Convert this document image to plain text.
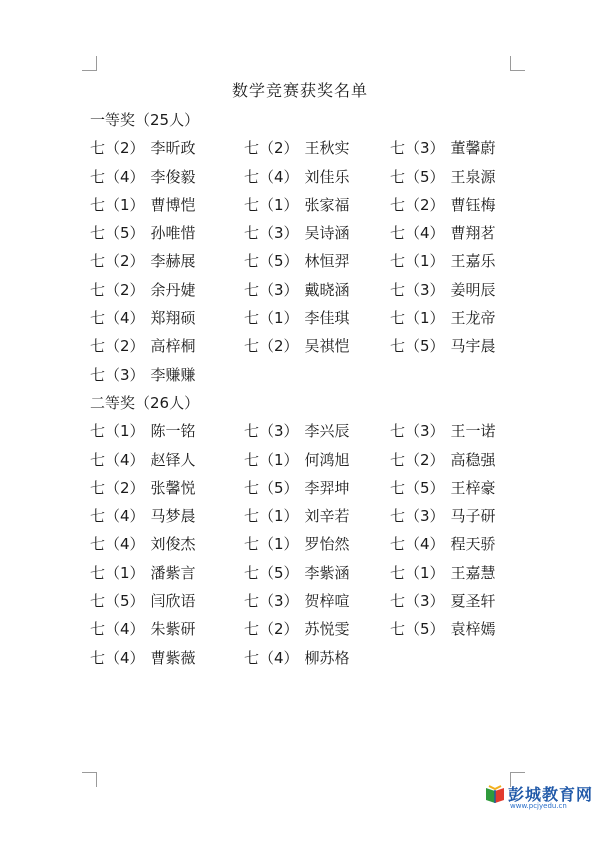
数学竞赛获奖名单
一等奖（25人）
七（2） 李昕政	七（2） 王秋实	七（3） 董馨蔚
七（4） 李俊毅	七（4） 刘佳乐	七（5） 王泉源
七（1） 曹博恺	七（1） 张家福	七（2） 曹钰梅
七（5） 孙唯惜	七（3） 吴诗涵	七（4） 曹翔茗
七（2） 李赫展	七（5） 林恒羿	七（1） 王嘉乐
七（2） 余丹婕	七（3） 戴晓涵	七（3） 姜明辰
七（4） 郑翔硕	七（1） 李佳琪	七（1） 王龙帝
七（2） 高梓桐	七（2） 吴祺恺	七（5） 马宇晨
七（3） 李赚赚
二等奖（26人）
七（1） 陈一铭	七（3） 李兴辰	七（3） 王一诺
七（4） 赵铎人	七（1） 何鸿旭	七（2） 高稳强
七（2） 张馨悦	七（5） 李羿坤	七（5） 王梓豪
七（4） 马梦晨	七（1） 刘辛若	七（3） 马子研
七（4） 刘俊杰	七（1） 罗怡然	七（4） 程天骄
七（1） 潘紫言	七（5） 李紫涵	七（1） 王嘉慧
七（5） 闫欣语	七（3） 贺梓喧	七（3） 夏圣轩
七（4） 朱紫研	七（2） 苏悦雯	七（5） 袁梓嫣
七（4） 曹紫薇	七（4） 柳苏格
彭城教育网
www.pcjyedu.cn
